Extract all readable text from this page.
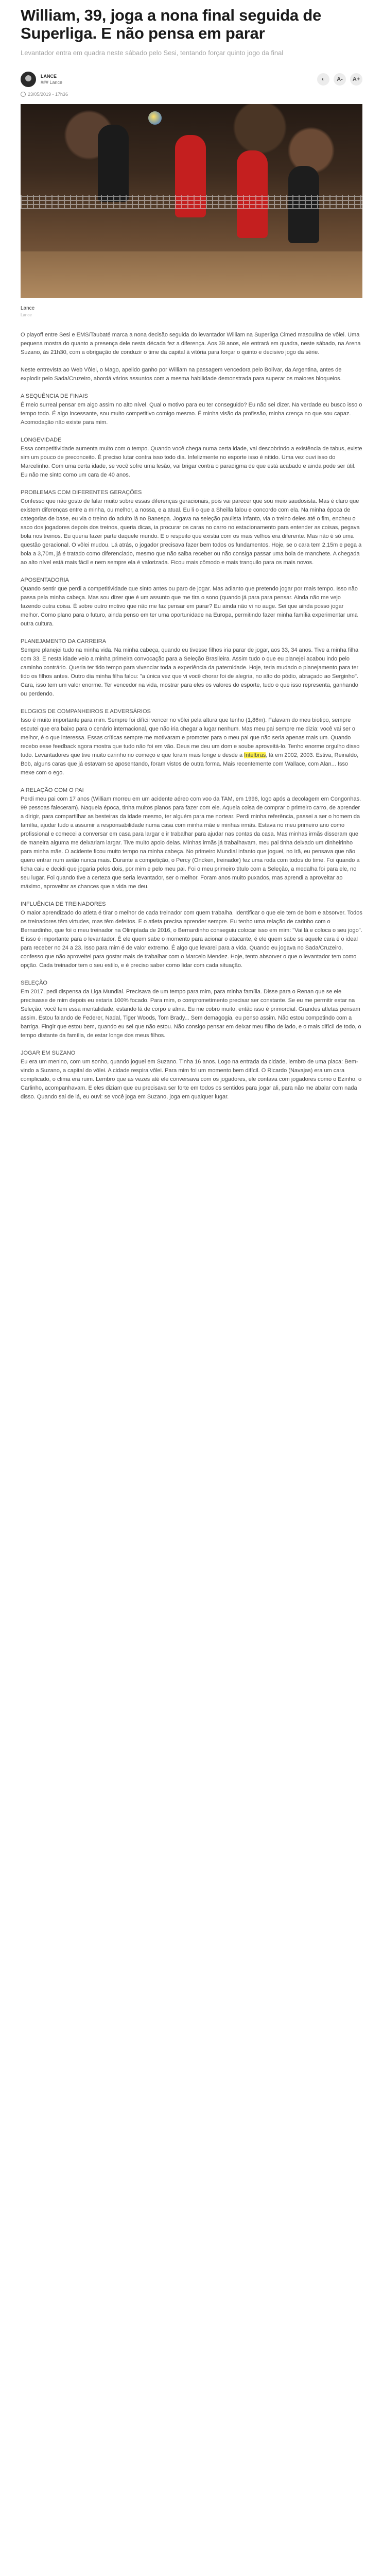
William, 39, joga a nona final seguida de Superliga. E não pensa em parar
Levantador entra em quadra neste sábado pelo Sesi, tentando forçar quinto jogo da final
LANCE
### Lance	◐	A-	A+
23/05/2019 - 17h36
Lance
Lance

O playoff entre Sesi e EMS/Taubaté marca a nona decisão seguida do levantador William na Superliga Cimed masculina de vôlei. Uma pequena mostra do quanto a presença dele nesta década fez a diferença. Aos 39 anos, ele entrará em quadra, neste sábado, na Arena Suzano, às 21h30, com a obrigação de conduzir o time da capital à vitória para forçar o quinto e decisivo jogo da série.

Neste entrevista ao Web Vôlei, o Mago, apelido ganho por William na passagem vencedora pelo Bolívar, da Argentina, antes de explodir pelo Sada/Cruzeiro, abordá vários assuntos com a mesma habilidade demonstrada para superar os maiores bloqueios.

A SEQUÊNCIA DE FINAIS

É meio surreal pensar em algo assim no alto nível. Qual o motivo para eu ter conseguido? Eu não sei dizer. Na verdade eu busco isso o tempo todo. É algo incessante, sou muito competitivo comigo mesmo. É minha visão da profissão, minha crença no que sou capaz. Acomodação não existe para mim.

LONGEVIDADE

Essa competitividade aumenta muito com o tempo. Quando você chega numa certa idade, vai descobrindo a existência de tabus, existe sim um pouco de preconceito. É preciso lutar contra isso todo dia. Infelizmente no esporte isso é nítido. Uma vez ouvi isso do Marcelinho. Com uma certa idade, se você sofre uma lesão, vai brigar contra o paradigma de que está acabado e ainda pode ser útil. Eu não me sinto como um cara de 40 anos.

PROBLEMAS COM DIFERENTES GERAÇÕES

Confesso que não gosto de falar muito sobre essas diferenças geracionais, pois vai parecer que sou meio saudosista. Mas é claro que existem diferenças entre a minha, ou melhor, a nossa, e a atual. Eu li o que a Sheilla falou e concordo com ela. Na minha época de categorias de base, eu via o treino do adulto lá no Banespa. Jogava na seleção paulista infanto, via o treino deles até o fim, encheu o saco dos jogadores depois dos treinos, queria dicas, ia procurar os caras no carro no estacionamento para entender as coisas, pegava bola nos treinos. Eu queria fazer parte daquele mundo. E o respeito que existia com os mais velhos era diferente. Mas não é só uma questão geracional. O vôlei mudou. Lá atrás, o jogador precisava fazer bem todos os fundamentos. Hoje, se o cara tem 2,15m e pega a bola a 3,70m, já é tratado como diferenciado, mesmo que não saiba receber ou não consiga passar uma bola de manchete. A chegada ao alto nível está mais fácil e nem sempre ela é valorizada. Ficou mais cômodo e mais tranquilo para os mais novos.

APOSENTADORIA

Quando sentir que perdi a competitividade que sinto antes ou paro de jogar. Mas adianto que pretendo jogar por mais tempo. Isso não passa pela minha cabeça. Mas sou dizer que é um assunto que me tira o sono (quando já para para pensar. Ainda não me vejo fazendo outra coisa. É sobre outro motivo que não me faz pensar em parar? Eu ainda não vi no auge. Sei que ainda posso jogar melhor. Como plano para o futuro, ainda penso em ter uma oportunidade na Europa, permitindo fazer minha família experimentar uma outra cultura.

PLANEJAMENTO DA CARREIRA

Sempre planejei tudo na minha vida. Na minha cabeça, quando eu tivesse filhos iria parar de jogar, aos 33, 34 anos. Tive a minha filha com 33. E nesta idade veio a minha primeira convocação para a Seleção Brasileira. Assim tudo o que eu planejei acabou indo pelo caminho contrário. Queria ter tido tempo para vivenciar toda a experiência da paternidade. Hoje, teria mudado o planejamento para ter tido os filhos antes. Outro dia minha filha falou: "a única vez que vi você chorar foi de alegria, no alto do pódio, abraçado ao Serginho". Cara, isso tem um valor enorme. Ter vencedor na vida, mostrar para eles os valores do esporte, tudo o que isso representa, ganhando ou perdendo.

ELOGIOS DE COMPANHEIROS E ADVERSÁRIOS

Isso é muito importante para mim. Sempre foi difícil vencer no vôlei pela altura que tenho (1,86m). Falavam do meu biotipo, sempre escutei que era baixo para o cenário internacional, que não iria chegar a lugar nenhum. Mas meu pai sempre me dizia: você vai ser o melhor, é o que interessa. Essas críticas sempre me motivaram e promoter para o meu pai que não seria apenas mais um. Quando recebo esse feedback agora mostra que tudo não foi em vão. Deus me deu um dom e soube aproveitá-lo. Tenho enorme orgulho disso tudo. Levantadores que tive muito carinho no começo e que foram mais longe e desde a Intelbras, lá em 2002, 2003. Estiva, Reinaldo, Bob, alguns caras que já estavam se aposentando, foram vistos de outra forma. Mais recentemente com Wallace, com Alan... Isso mexe com o ego.

A RELAÇÃO COM O PAI

Perdi meu pai com 17 anos (William morreu em um acidente aéreo com voo da TAM, em 1996, logo após a decolagem em Congonhas. 99 pessoas faleceram). Naquela época, tinha muitos planos para fazer com ele. Aquela coisa de comprar o primeiro carro, de aprender a dirigir, para compartilhar as besteiras da idade mesmo, ter alguém para me nortear. Perdi minha referência, passei a ser o homem da família, ajudar tudo a assumir a responsabilidade numa casa com minha mãe e minhas irmãs. Estava no meu primeiro ano como profissional e comecei a conversar em casa para largar e ir trabalhar para ajudar nas contas da casa. Mas minhas irmãs disseram que de maneira alguma me deixariam largar. Tive muito apoio delas. Minhas irmãs já trabalhavam, meu pai tinha deixado um dinheirinho para minha mãe. O acidente ficou muito tempo na minha cabeça. No primeiro Mundial infanto que joguei, no Irã, eu pensava que não quero entrar num avião nunca mais. Durante a competição, o Percy (Oncken, treinador) fez uma roda com todos do time. Foi quando a ficha caiu e decidi que jogaria pelos dois, por mim e pelo meu pai. Foi o meu primeiro título com a Seleção, a medalha foi para ele, no seu lugar. Foi quando tive a certeza que seria levantador, ser o melhor. Foram anos muito puxados, mas aprendi a aproveitar ao máximo, aproveitar as chances que a vida me deu.

INFLUÊNCIA DE TREINADORES

O maior aprendizado do atleta é tirar o melhor de cada treinador com quem trabalha. Identificar o que ele tem de bom e absorver. Todos os treinadores têm virtudes, mas têm defeitos. E o atleta precisa aprender sempre. Eu tenho uma relação de carinho com o Bernardinho, que foi o meu treinador na Olimpíada de 2016, o Bernardinho conseguiu colocar isso em mim: "Vai lá e coloca o seu jogo". E isso é importante para o levantador. É ele quem sabe o momento para acionar o atacante, é ele quem sabe se aquele cara é o ideal para receber no 24 a 23. Isso para mim é de valor extremo. É algo que levarei para a vida. Quando eu jogava no Sada/Cruzeiro, confesso que não aproveitei para gostar mais de trabalhar com o Marcelo Mendez. Hoje, tento absorver o que o levantador tem como opção. Cada treinador tem o seu estilo, e é preciso saber como lidar com cada situação.

SELEÇÃO

Em 2017, pedi dispensa da Liga Mundial. Precisava de um tempo para mim, para minha família. Disse para o Renan que se ele precisasse de mim depois eu estaria 100% focado. Para mim, o comprometimento precisar ser constante. Se eu me permitir estar na Seleção, você tem essa mentalidade, estando lá de corpo e alma. Eu me cobro muito, então isso é primordial. Grandes atletas pensam assim. Estou falando de Federer, Nadal, Tiger Woods, Tom Brady... Sem demagogia, eu penso assim. Não estou competindo com a barriga. Fingir que estou bem, quando eu sei que não estou. Não consigo pensar em deixar meu filho de lado, e o mais difícil de todo, o tempo distante da família, de estar longe dos meus filhos.

JOGAR EM SUZANO

Eu era um menino, com um sonho, quando joguei em Suzano. Tinha 16 anos. Logo na entrada da cidade, lembro de uma placa: Bem-vindo a Suzano, a capital do vôlei. A cidade respira vôlei. Para mim foi um momento bem difícil. O Ricardo (Navajas) era um cara complicado, o clima era ruim. Lembro que as vezes até ele conversava com os jogadores, ele contava com jogadores como o Ezinho, o Carlinho, acompanhavam. E eles diziam que eu precisava ser forte em todos os sentidos para jogar ali, para não me abalar com nada disso. Quando sai de lá, eu ouvi: se você joga em Suzano, joga em qualquer lugar.
